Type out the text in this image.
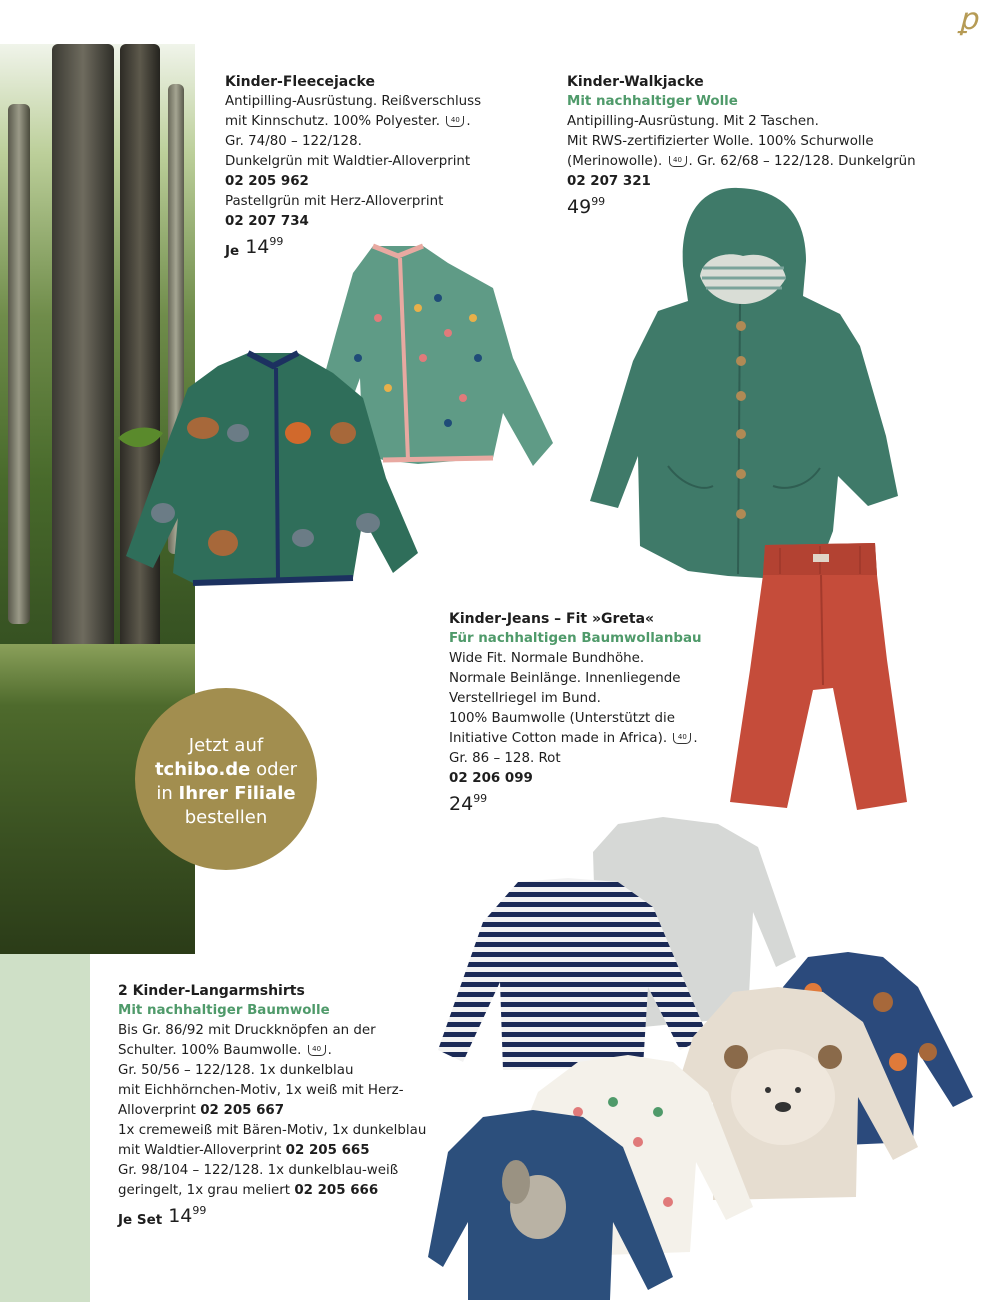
ꝑ
Jetzt auf
tchibo.de oder
in Ihrer Filiale
bestellen

Kinder-Fleecejacke

Antipilling-Ausrüstung. Reißverschluss

mit Kinnschutz. 100% Polyester. 40 .

Gr. 74/80 – 122/128.

Dunkelgrün mit Waldtier-Alloverprint

02 205 962

Pastellgrün mit Herz-Alloverprint

02 207 734

Je 14 99

Kinder-Walkjacke

Mit nachhaltiger Wolle

Antipilling-Ausrüstung. Mit 2 Taschen.

Mit RWS-zertifizierter Wolle. 100% Schurwolle

(Merinowolle). 40 . Gr. 62/68 – 122/128. Dunkelgrün

02 207 321

49 99

Kinder-Jeans – Fit »Greta«

Für nachhaltigen Baumwollanbau

Wide Fit. Normale Bundhöhe.

Normale Beinlänge. Innenliegende

Verstellriegel im Bund.

100% Baumwolle (Unterstützt die

Initiative Cotton made in Africa). 40 .

Gr. 86 – 128. Rot

02 206 099

24 99

2 Kinder-Langarmshirts

Mit nachhaltiger Baumwolle

Bis Gr. 86/92 mit Druckknöpfen an der

Schulter. 100% Baumwolle. 40 .

Gr. 50/56 – 122/128. 1x dunkelblau

mit Eichhörnchen-Motiv, 1x weiß mit Herz-

Alloverprint 02 205 667

1x cremeweiß mit Bären-Motiv, 1x dunkelblau

mit Waldtier-Alloverprint 02 205 665

Gr. 98/104 – 122/128. 1x dunkelblau-weiß

geringelt, 1x grau meliert 02 205 666

Je Set 14 99
